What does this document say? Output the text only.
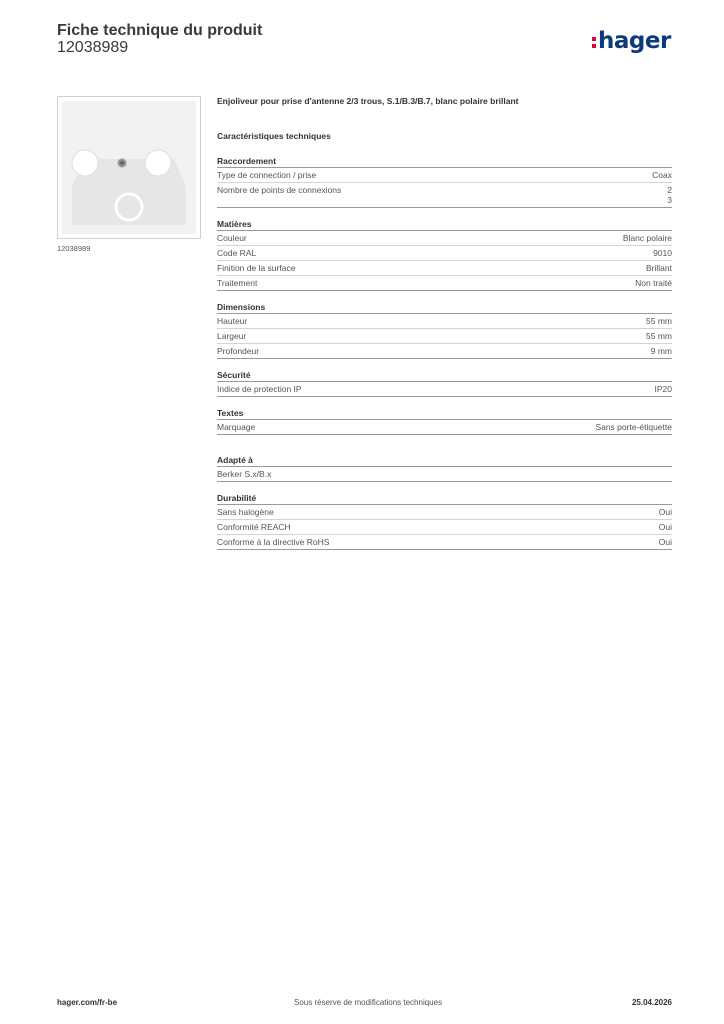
Fiche technique du produit
12038989	hager
12038989
Enjoliveur pour prise d'antenne 2/3 trous, S.1/B.3/B.7, blanc polaire brillant
Caractéristiques techniques
Raccordement
Type de connection / prise	Coax
Nombre de points de connexions	2
3
Matières
Couleur	Blanc polaire
Code RAL	9010
Finition de la surface	Brillant
Traitement	Non traité
Dimensions
Hauteur	55 mm
Largeur	55 mm
Profondeur	9 mm
Sécurité
Indice de protection IP	IP20
Textes
Marquage	Sans porte-étiquette
Adapté à
Berker S.x/B.x
Durabilité
Sans halogène	Oui
Conformité REACH	Oui
Conforme à la directive RoHS	Oui
hager.com/fr-be	Sous réserve de modifications techniques	25.04.2026
